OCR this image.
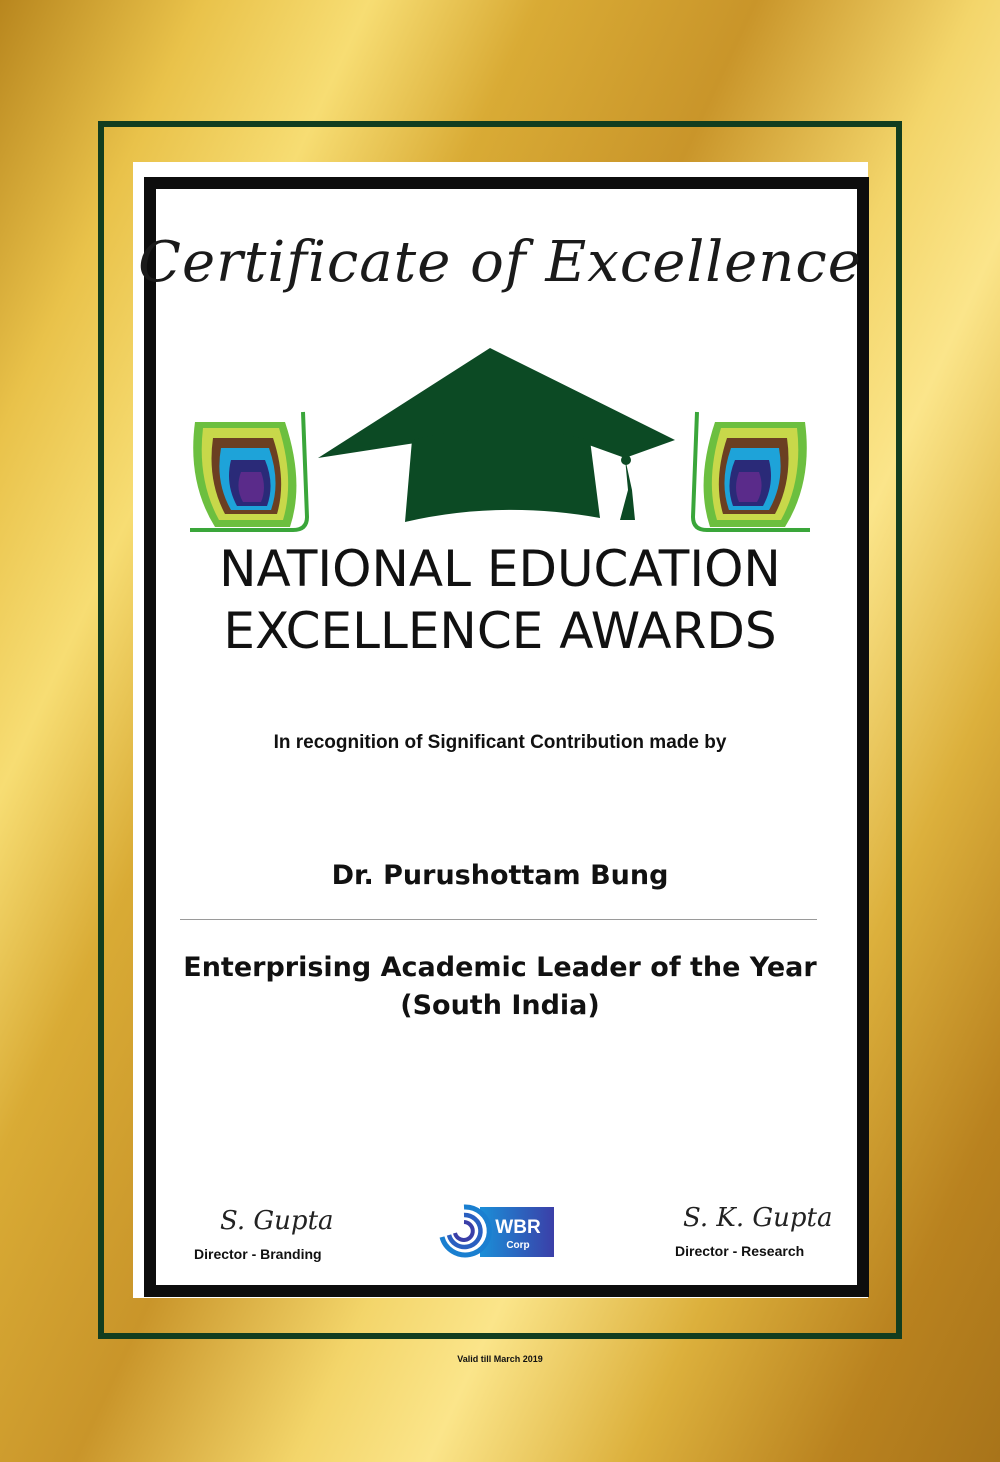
Certificate of Excellence
NATIONAL EDUCATION
EXCELLENCE AWARDS
In recognition of Significant Contribution made by
Dr. Purushottam Bung
Enterprising Academic Leader of the Year
(South India)
S. Gupta
Director - Branding
WBR
Corp
S. K. Gupta
Director - Research
Valid till March 2019
